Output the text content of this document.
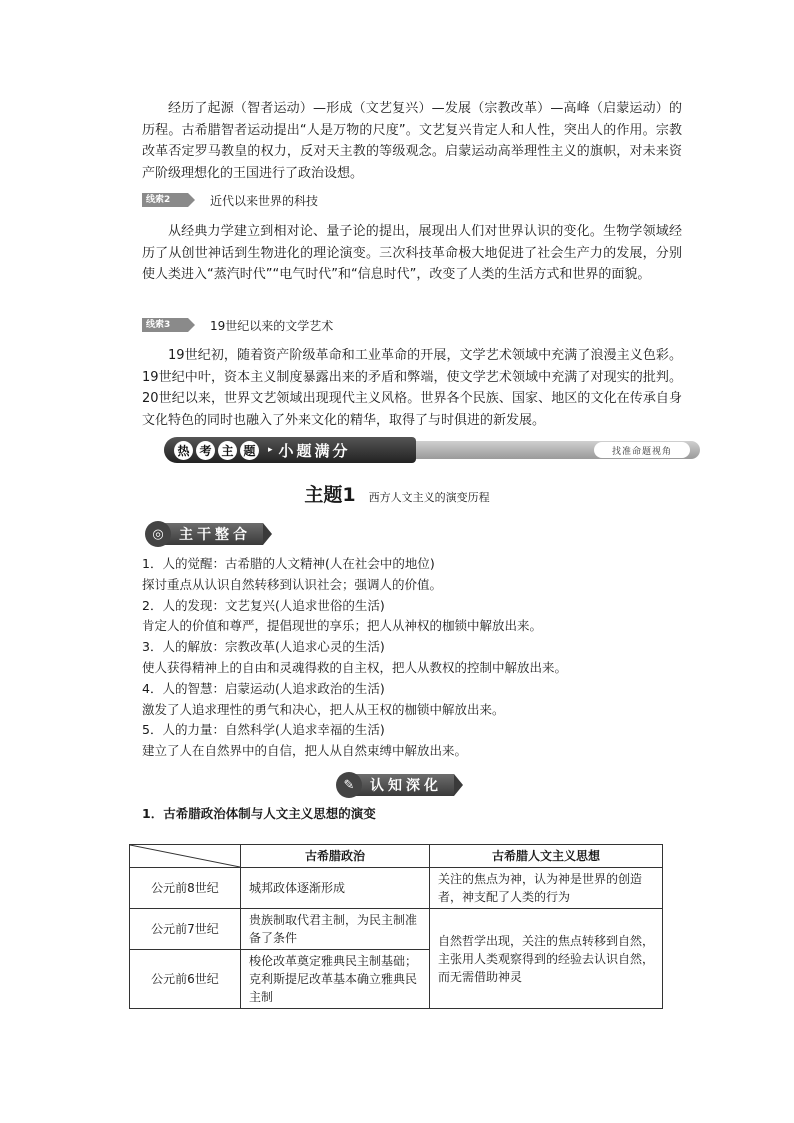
经历了起源（智者运动）—形成（文艺复兴）—发展（宗教改革）—高峰（启蒙运动）的历程。古希腊智者运动提出“人是万物的尺度”。文艺复兴肯定人和人性，突出人的作用。宗教改革否定罗马教皇的权力，反对天主教的等级观念。启蒙运动高举理性主义的旗帜，对未来资产阶级理想化的王国进行了政治设想。

线索2	近代以来世界的科技

从经典力学建立到相对论、量子论的提出，展现出人们对世界认识的变化。生物学领域经历了从创世神话到生物进化的理论演变。三次科技革命极大地促进了社会生产力的发展，分别使人类进入“蒸汽时代”“电气时代”和“信息时代”，改变了人类的生活方式和世界的面貌。

线索3	19世纪以来的文学艺术

19世纪初，随着资产阶级革命和工业革命的开展，文学艺术领域中充满了浪漫主义色彩。19世纪中叶，资本主义制度暴露出来的矛盾和弊端，使文学艺术领域中充满了对现实的批判。20世纪以来，世界文艺领域出现现代主义风格。世界各个民族、国家、地区的文化在传承自身文化特色的同时也融入了外来文化的精华，取得了与时俱进的新发展。

热 考 主 题	▸ 小题满分	找准命题视角
主题1 西方人文主义的演变历程
◎	主干整合
1．人的觉醒：古希腊的人文精神(人在社会中的地位)
探讨重点从认识自然转移到认识社会；强调人的价值。
2．人的发现：文艺复兴(人追求世俗的生活)
肯定人的价值和尊严，提倡现世的享乐；把人从神权的枷锁中解放出来。
3．人的解放：宗教改革(人追求心灵的生活)
使人获得精神上的自由和灵魂得救的自主权，把人从教权的控制中解放出来。
4．人的智慧：启蒙运动(人追求政治的生活)
激发了人追求理性的勇气和决心，把人从王权的枷锁中解放出来。
5．人的力量：自然科学(人追求幸福的生活)
建立了人在自然界中的自信，把人从自然束缚中解放出来。
✎	认知深化
1．古希腊政治体制与人文主义思想的演变
	古希腊政治	古希腊人文主义思想
公元前8世纪	城邦政体逐渐形成	关注的焦点为神，认为神是世界的创造者，神支配了人类的行为
公元前7世纪	贵族制取代君主制，为民主制准备了条件	自然哲学出现，关注的焦点转移到自然，主张用人类观察得到的经验去认识自然，而无需借助神灵
公元前6世纪	梭伦改革奠定雅典民主制基础；克利斯提尼改革基本确立雅典民主制	
